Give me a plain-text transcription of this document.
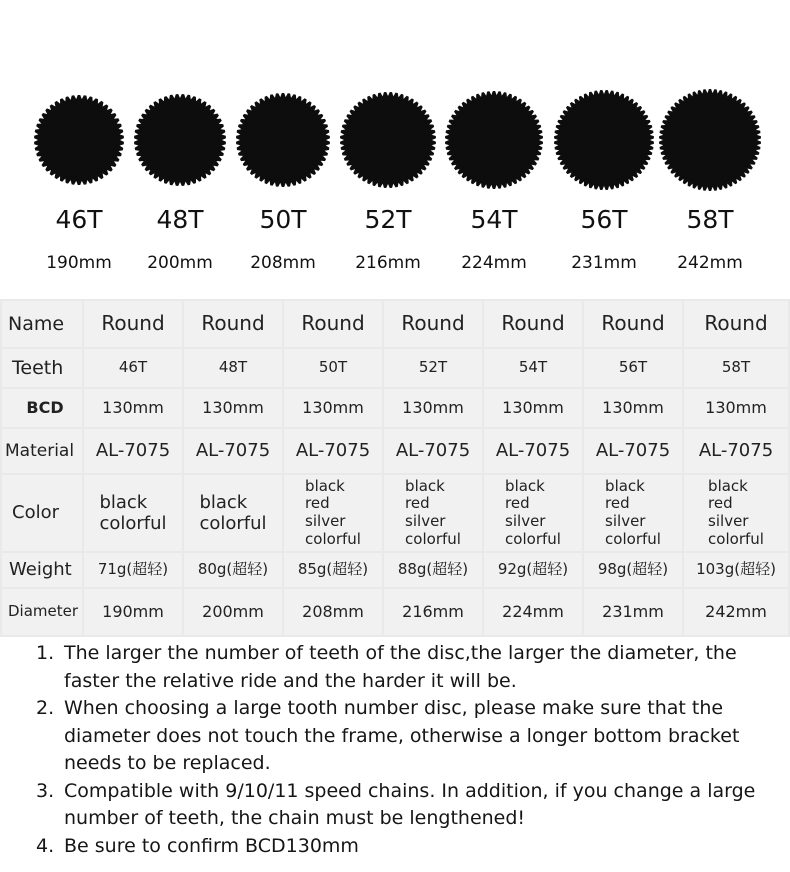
46T
190mm
48T
200mm
50T
208mm
52T
216mm
54T
224mm
56T
231mm
58T
242mm
Name
Teeth
BCD
Material
Color
Weight
Diameter
Round
46T
130mm
AL-7075
black
colorful
71g(超轻)
190mm
Round
48T
130mm
AL-7075
black
colorful
80g(超轻)
200mm
Round
50T
130mm
AL-7075
black
red
silver
colorful
85g(超轻)
208mm
Round
52T
130mm
AL-7075
black
red
silver
colorful
88g(超轻)
216mm
Round
54T
130mm
AL-7075
black
red
silver
colorful
92g(超轻)
224mm
Round
56T
130mm
AL-7075
black
red
silver
colorful
98g(超轻)
231mm
Round
58T
130mm
AL-7075
black
red
silver
colorful
103g(超轻)
242mm
1. The larger the number of teeth of the disc,the larger the diameter, the faster the relative ride and the harder it will be.
2. When choosing a large tooth number disc, please make sure that the diameter does not touch the frame, otherwise a longer bottom bracket needs to be replaced.
3. Compatible with 9/10/11 speed chains. In addition, if you change a large number of teeth, the chain must be lengthened!
4. Be sure to confirm BCD130mm
